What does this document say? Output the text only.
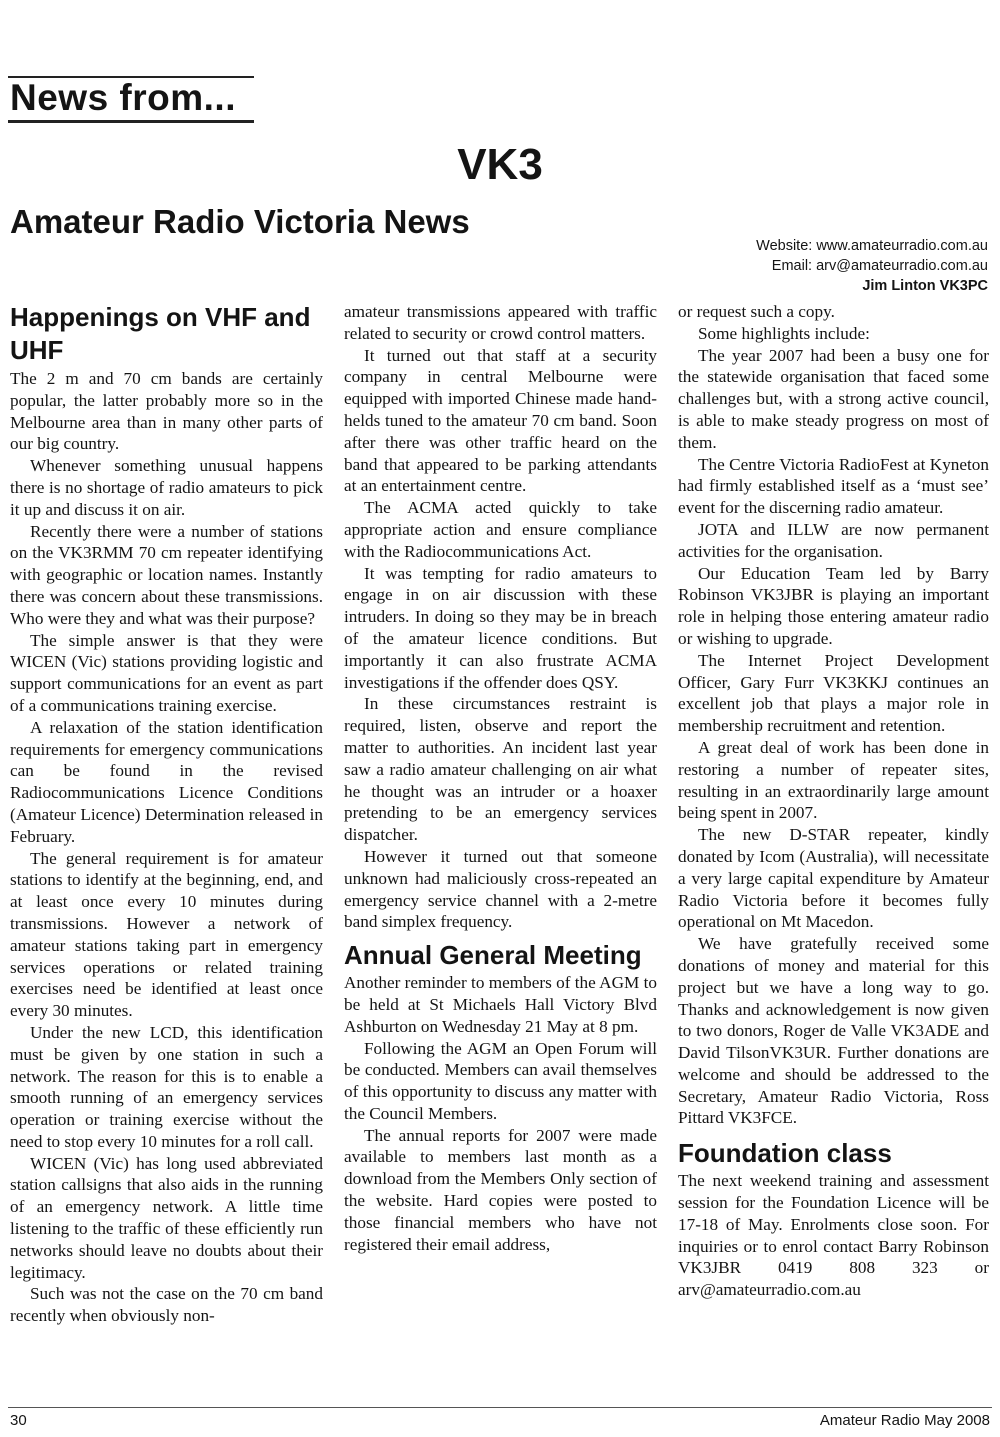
News from...
VK3
Amateur Radio Victoria News
Website: www.amateurradio.com.au
Email: arv@amateurradio.com.au
Jim Linton VK3PC
Happenings on VHF and UHF

The 2 m and 70 cm bands are certainly popular, the latter probably more so in the Melbourne area than in many other parts of our big country.

Whenever something unusual happens there is no shortage of radio amateurs to pick it up and discuss it on air.

Recently there were a number of stations on the VK3RMM 70 cm repeater identifying with geographic or location names. Instantly there was concern about these transmissions. Who were they and what was their purpose?

The simple answer is that they were WICEN (Vic) stations providing logistic and support communications for an event as part of a communications training exercise.

A relaxation of the station identification requirements for emergency communications can be found in the revised Radiocommunications Licence Conditions (Amateur Licence) Determination released in February.

The general requirement is for amateur stations to identify at the beginning, end, and at least once every 10 minutes during transmissions. However a network of amateur stations taking part in emergency services operations or related training exercises need be identified at least once every 30 minutes.

Under the new LCD, this identification must be given by one station in such a network. The reason for this is to enable a smooth running of an emergency services operation or training exercise without the need to stop every 10 minutes for a roll call.

WICEN (Vic) has long used abbreviated station callsigns that also aids in the running of an emergency network. A little time listening to the traffic of these efficiently run networks should leave no doubts about their legitimacy.

Such was not the case on the 70 cm band recently when obviously non-

amateur transmissions appeared with traffic related to security or crowd control matters.

It turned out that staff at a security company in central Melbourne were equipped with imported Chinese made hand-helds tuned to the amateur 70 cm band. Soon after there was other traffic heard on the band that appeared to be parking attendants at an entertainment centre.

The ACMA acted quickly to take appropriate action and ensure compliance with the Radiocommunications Act.

It was tempting for radio amateurs to engage in on air discussion with these intruders. In doing so they may be in breach of the amateur licence conditions. But importantly it can also frustrate ACMA investigations if the offender does QSY.

In these circumstances restraint is required, listen, observe and report the matter to authorities. An incident last year saw a radio amateur challenging on air what he thought was an intruder or a hoaxer pretending to be an emergency services dispatcher.

However it turned out that someone unknown had maliciously cross-repeated an emergency service channel with a 2-metre band simplex frequency.

Annual General Meeting

Another reminder to members of the AGM to be held at St Michaels Hall Victory Blvd Ashburton on Wednesday 21 May at 8 pm.

Following the AGM an Open Forum will be conducted. Members can avail themselves of this opportunity to discuss any matter with the Council Members.

The annual reports for 2007 were made available to members last month as a download from the Members Only section of the website. Hard copies were posted to those financial members who have not registered their email address,

or request such a copy.

Some highlights include:

The year 2007 had been a busy one for the statewide organisation that faced some challenges but, with a strong active council, is able to make steady progress on most of them.

The Centre Victoria RadioFest at Kyneton had firmly established itself as a ‘must see’ event for the discerning radio amateur.

JOTA and ILLW are now permanent activities for the organisation.

Our Education Team led by Barry Robinson VK3JBR is playing an important role in helping those entering amateur radio or wishing to upgrade.

The Internet Project Development Officer, Gary Furr VK3KKJ continues an excellent job that plays a major role in membership recruitment and retention.

A great deal of work has been done in restoring a number of repeater sites, resulting in an extraordinarily large amount being spent in 2007.

The new D-STAR repeater, kindly donated by Icom (Australia), will necessitate a very large capital expenditure by Amateur Radio Victoria before it becomes fully operational on Mt Macedon.

We have gratefully received some donations of money and material for this project but we have a long way to go. Thanks and acknowledgement is now given to two donors, Roger de Valle VK3ADE and David TilsonVK3UR. Further donations are welcome and should be addressed to the Secretary, Amateur Radio Victoria, Ross Pittard VK3FCE.

Foundation class

The next weekend training and assessment session for the Foundation Licence will be 17-18 of May. Enrolments close soon. For inquiries or to enrol contact Barry Robinson VK3JBR 0419 808 323 or arv@amateurradio.com.au

30	Amateur Radio May 2008
